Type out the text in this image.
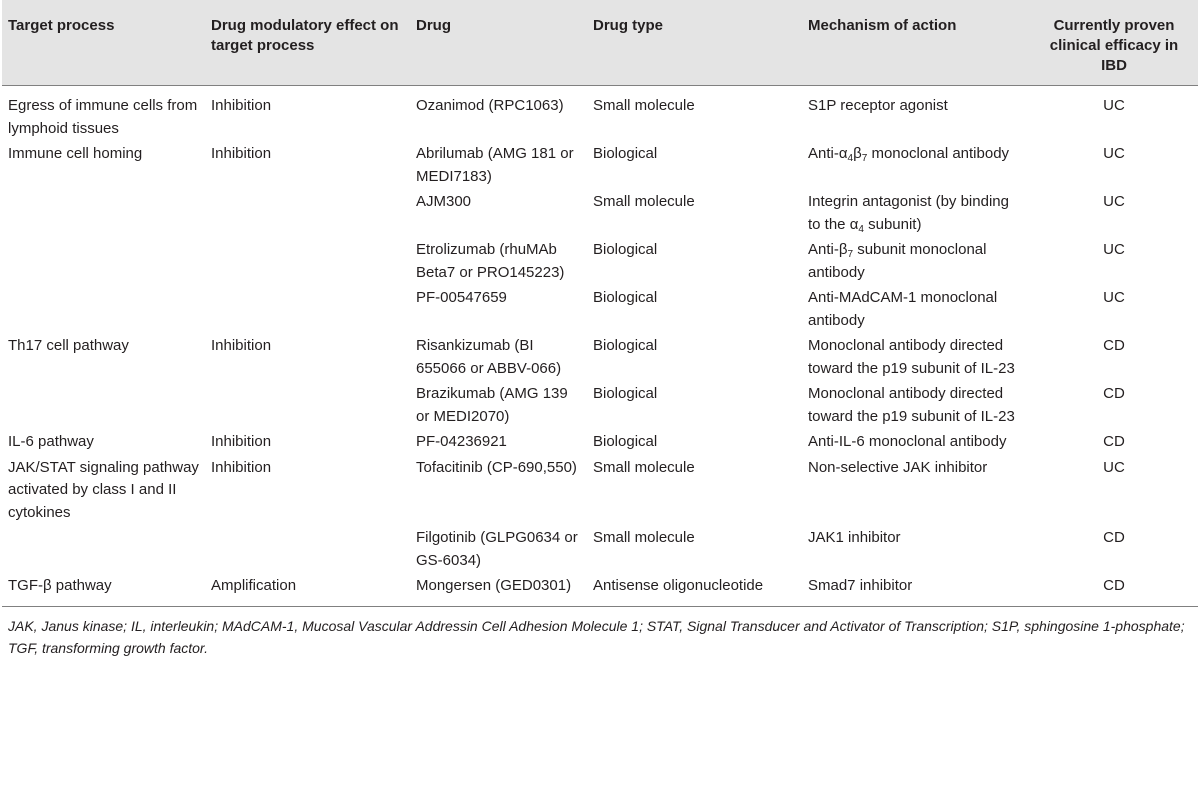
Target process	Drug modulatory effect on target process	Drug	Drug type	Mechanism of action	Currently proven clinical efficacy in IBD
Egress of immune cells from lymphoid tissues	Inhibition	Ozanimod (RPC1063)	Small molecule	S1P receptor agonist	UC
Immune cell homing	Inhibition	Abrilumab (AMG 181 or MEDI7183)	Biological	Anti-$\alpha_4\beta_7$ monoclonal antibody	UC
		AJM300	Small molecule	Integrin antagonist (by binding to the $\alpha_4$ subunit)	UC
		Etrolizumab (rhuMAb Beta7 or PRO145223)	Biological	Anti-$\beta_7$ subunit monoclonal antibody	UC
		PF-00547659	Biological	Anti-MAdCAM-1 monoclonal antibody	UC
Th17 cell pathway	Inhibition	Risankizumab (BI 655066 or ABBV-066)	Biological	Monoclonal antibody directed toward the p19 subunit of IL-23	CD
		Brazikumab (AMG 139 or MEDI2070)	Biological	Monoclonal antibody directed toward the p19 subunit of IL-23	CD
IL-6 pathway	Inhibition	PF-04236921	Biological	Anti-IL-6 monoclonal antibody	CD
JAK/STAT signaling pathway activated by class I and II cytokines	Inhibition	Tofacitinib (CP-690,550)	Small molecule	Non-selective JAK inhibitor	UC
		Filgotinib (GLPG0634 or GS-6034)	Small molecule	JAK1 inhibitor	CD
TGF-β pathway	Amplification	Mongersen (GED0301)	Antisense oligonucleotide	Smad7 inhibitor	CD
JAK, Janus kinase; IL, interleukin; MAdCAM-1, Mucosal Vascular Addressin Cell Adhesion Molecule 1; STAT, Signal Transducer and Activator of Transcription; S1P, sphingosine 1-phosphate; TGF, transforming growth factor.
